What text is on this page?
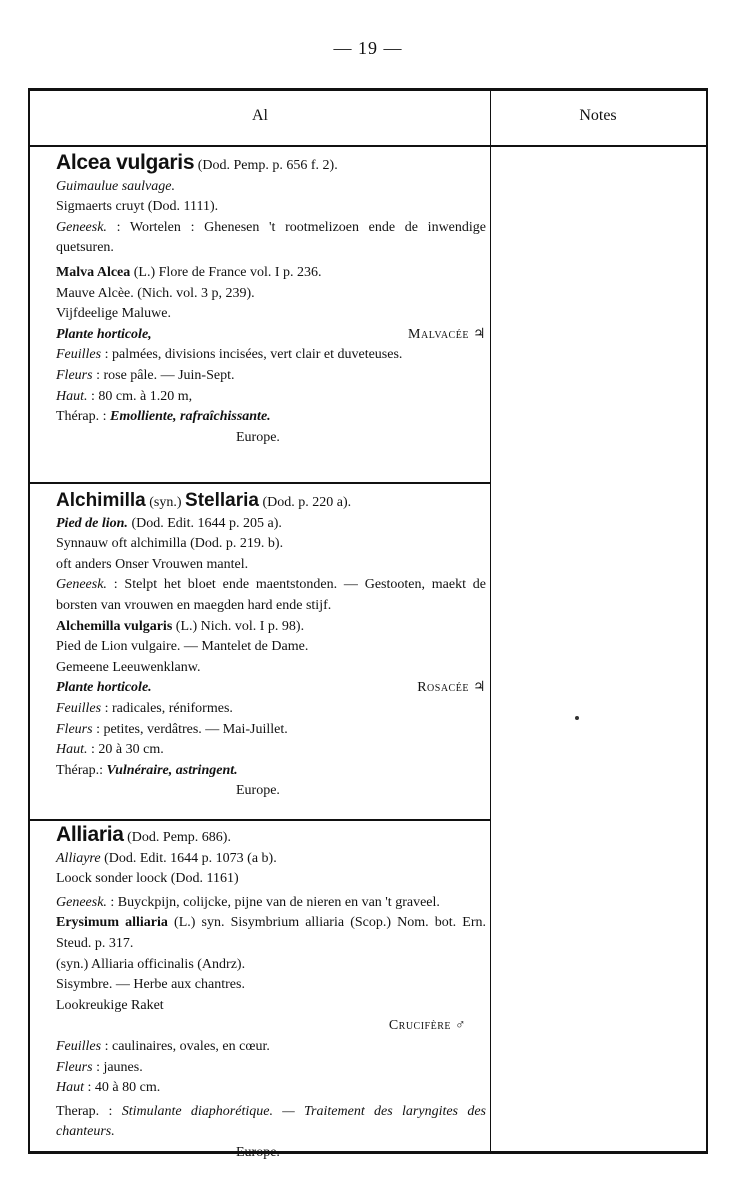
— 19 —
Al	Notes
Alcea vulgaris (Dod. Pemp. p. 656 f. 2).
Guimaulue saulvage.
Sigmaerts cruyt (Dod. 1111).
Geneesk. : Wortelen : Ghenesen 't rootmelizoen ende de inwendige quetsuren.
Malva Alcea (L.) Flore de France vol. I p. 236.
Mauve Alcèe. (Nich. vol. 3 p, 239).
Vijfdeelige Maluwe.
Plante horticole,	Malvacée ♃
Feuilles : palmées, divisions incisées, vert clair et duveteuses.
Fleurs : rose pâle. — Juin-Sept.
Haut. : 80 cm. à 1.20 m,
Thérap. : Emolliente, rafraîchissante.
Europe.
Alchimilla (syn.) Stellaria (Dod. p. 220 a).
Pied de lion. (Dod. Edit. 1644 p. 205 a).
Synnauw oft alchimilla (Dod. p. 219. b).
oft anders Onser Vrouwen mantel.
Geneesk. : Stelpt het bloet ende maentstonden. — Gestooten, maekt de borsten van vrouwen en maegden hard ende stijf.
Alchemilla vulgaris (L.) Nich. vol. I p. 98).
Pied de Lion vulgaire. — Mantelet de Dame.
Gemeene Leeuwenklanw.
Plante horticole.	Rosacée ♃
Feuilles : radicales, réniformes.
Fleurs : petites, verdâtres. — Mai-Juillet.
Haut. : 20 à 30 cm.
Thérap.: Vulnéraire, astringent.
Europe.
Alliaria (Dod. Pemp. 686).
Alliayre (Dod. Edit. 1644 p. 1073 (a b).
Loock sonder loock (Dod. 1161)
Geneesk. : Buyckpijn, colijcke, pijne van de nieren en van 't graveel.
Erysimum alliaria (L.) syn. Sisymbrium alliaria (Scop.) Nom. bot. Ern. Steud. p. 317.
(syn.) Alliaria officinalis (Andrz).
Sisymbre. — Herbe aux chantres.
Lookreukige Raket
Crucifère ♂
Feuilles : caulinaires, ovales, en cœur.
Fleurs : jaunes.
Haut : 40 à 80 cm.
Therap. : Stimulante diaphorétique. — Traitement des laryngites des chanteurs.
Europe.
